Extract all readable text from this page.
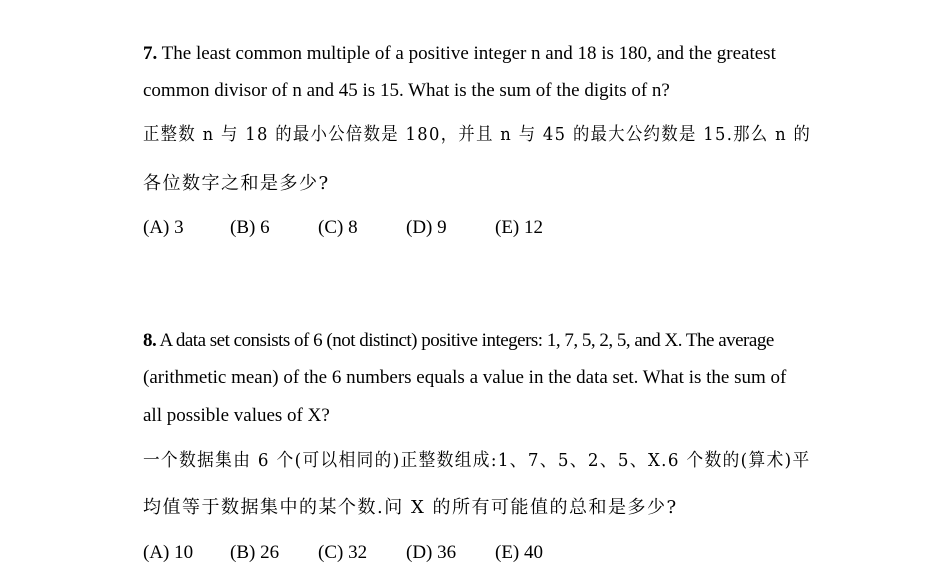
7. The least common multiple of a positive integer n and 18 is 180, and the greatest
common divisor of n and 45 is 15. What is the sum of the digits of n?
正整数 n 与 18 的最小公倍数是 180，并且 n 与 45 的最大公约数是 15.那么 n 的
各位数字之和是多少?
(A) 3 (B) 6	(C) 8	(D) 9	(E) 12
8. A data set consists of 6 (not distinct) positive integers: 1, 7, 5, 2, 5, and X. The average
(arithmetic mean) of the 6 numbers equals a value in the data set. What is the sum of
all possible values of X?
一个数据集由 6 个(可以相同的)正整数组成:1、7、5、2、5、X.6 个数的(算术)平
均值等于数据集中的某个数.问 X 的所有可能值的总和是多少?
(A) 10 (B) 26 (C) 32 (D) 36 (E) 40
